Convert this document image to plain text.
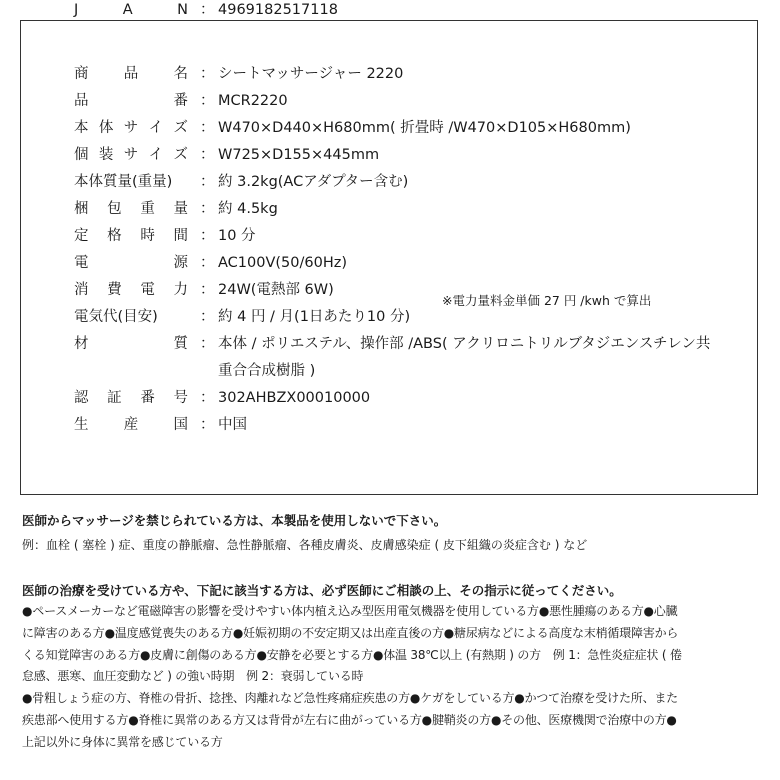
商 品 名 ： シートマッサージャー 2220
品	番 ： MCR2220
本 体 サ イ ズ ： W470×D440×H680mm( 折畳時 /W470×D105×H680mm)
個 装 サ イ ズ ： W725×D155×445mm
本体質量(重量) ： 約 3.2kg(ACアダプター含む)
梱 包 重 量 ： 約 4.5kg
定 格 時 間 ： 10 分
電	源 ： AC100V(50/60Hz)
消 費 電 力 ： 24W(電熱部 6W)
電気代(目安)	： 約 4 円 / 月(1日あたり10 分)
材	質 ： 本体 / ポリエステル、操作部 /ABS( アクリロニトリルブタジエンスチレン共
重合合成樹脂 )
認 証 番 号 ： 302AHBZX00010000
生 産 国 ： 中国
J	A	N ： 4969182517118
※電力量料金単価 27 円 /kwh で算出
医師からマッサージを禁じられている方は、本製品を使用しないで下さい。
例：血栓 ( 塞栓 ) 症、重度の静脈瘤、急性静脈瘤、各種皮膚炎、皮膚感染症 ( 皮下組織の炎症含む ) など
医師の治療を受けている方や、下記に該当する方は、必ず医師にご相談の上、その指示に従ってください。
●ペースメーカーなど電磁障害の影響を受けやすい体内植え込み型医用電気機器を使用している方●悪性腫瘍のある方●心臓
に障害のある方●温度感覚喪失のある方●妊娠初期の不安定期又は出産直後の方●糖尿病などによる高度な末梢循環障害から
くる知覚障害のある方●皮膚に創傷のある方●安静を必要とする方●体温 38℃以上 (有熱期 ) の方　例 1：急性炎症症状 ( 倦
怠感、悪寒、血圧変動など ) の強い時期　例 2：衰弱している時
●骨粗しょう症の方、脊椎の骨折、捻挫、肉離れなど急性疼痛症疾患の方●ケガをしている方●かつて治療を受けた所、また
疾患部へ使用する方●脊椎に異常のある方又は背骨が左右に曲がっている方●腱鞘炎の方●その他、医療機関で治療中の方●
上記以外に身体に異常を感じている方
